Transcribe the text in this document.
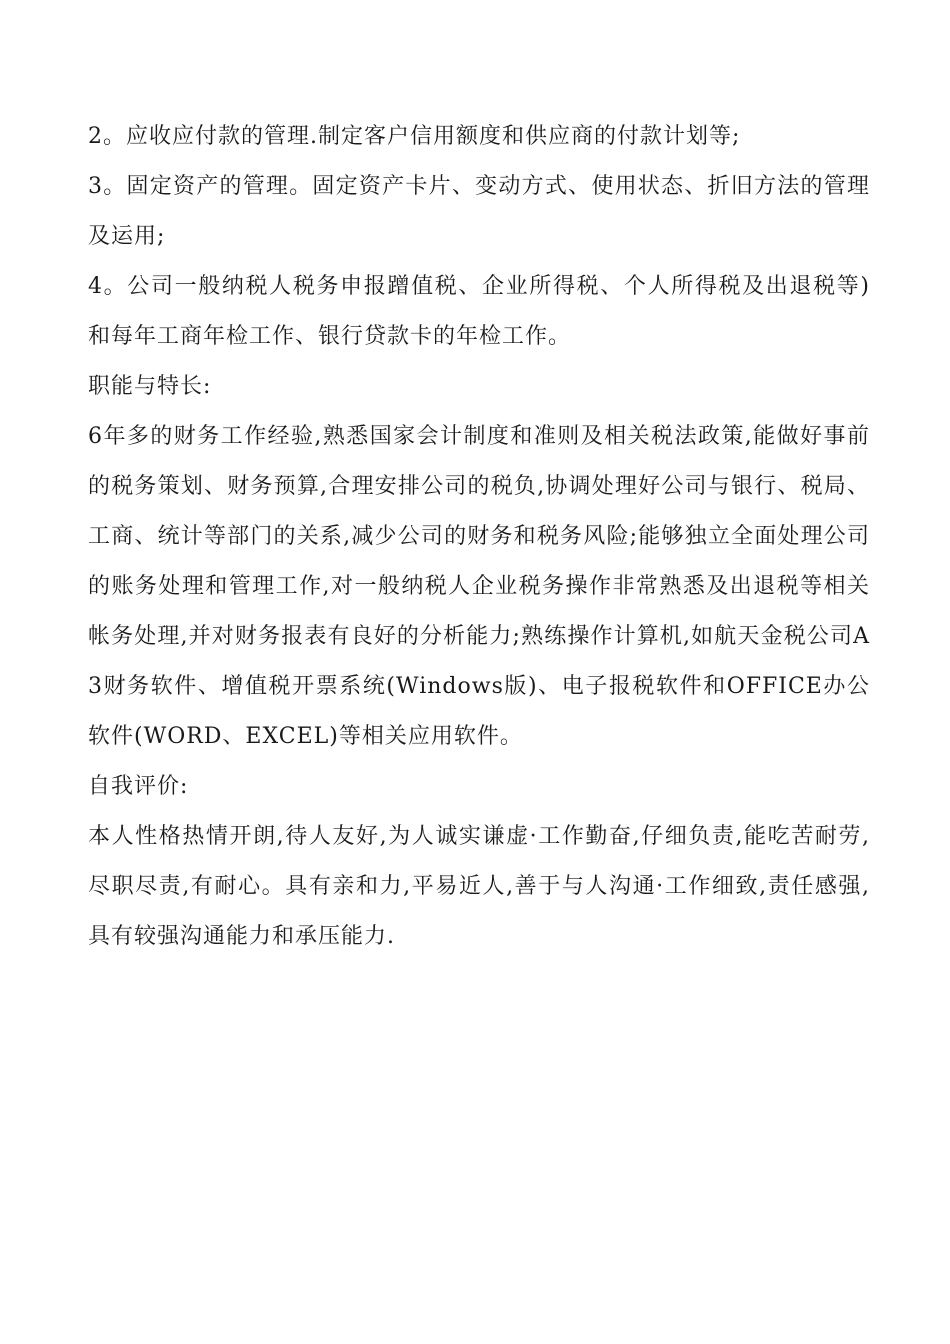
2。应收应付款的管理.制定客户信用额度和供应商的付款计划等;

3。固定资产的管理。固定资产卡片、变动方式、使用状态、折旧方法的管理及运用;

4。公司一般纳税人税务申报蹭值税、企业所得税、个人所得税及出退税等)和每年工商年检工作、银行贷款卡的年检工作。

职能与特长:

6年多的财务工作经验,熟悉国家会计制度和准则及相关税法政策,能做好事前的税务策划、财务预算,合理安排公司的税负,协调处理好公司与银行、税局、工商、统计等部门的关系,减少公司的财务和税务风险;能够独立全面处理公司的账务处理和管理工作,对一般纳税人企业税务操作非常熟悉及出退税等相关帐务处理,并对财务报表有良好的分析能力;熟练操作计算机,如航天金税公司A3财务软件、增值税开票系统(Windows版)、电子报税软件和OFFICE办公软件(WORD、EXCEL)等相关应用软件。

自我评价:

本人性格热情开朗,待人友好,为人诚实谦虚·工作勤奋,仔细负责,能吃苦耐劳,尽职尽责,有耐心。具有亲和力,平易近人,善于与人沟通·工作细致,责任感强,具有较强沟通能力和承压能力.
